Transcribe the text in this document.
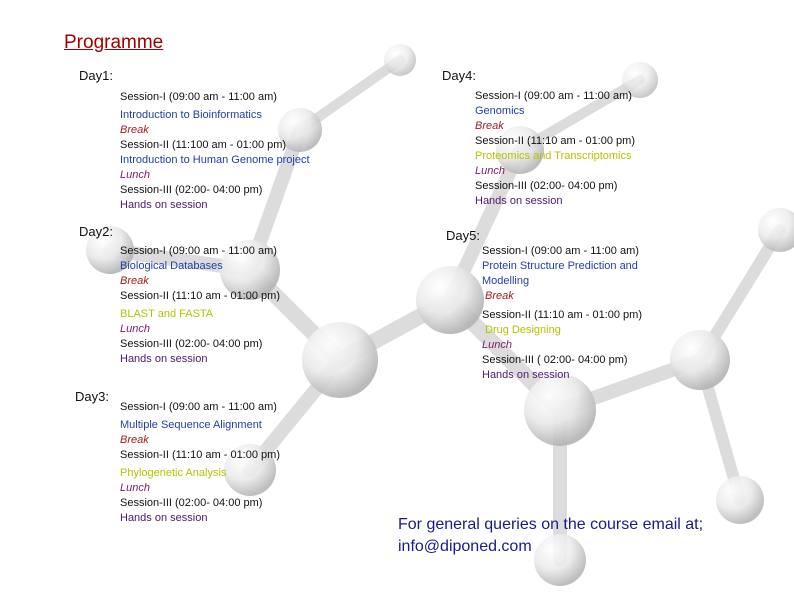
Programme
Day1:
Session-I (09:00 am - 11:00 am)
Introduction to Bioinformatics
Break
Session-II (11:100 am - 01:00 pm)
Introduction to Human Genome project
Lunch
Session-III (02:00- 04:00 pm)
Hands on session
Day2:
Session-I (09:00 am - 11:00 am)
Biological Databases
Break
Session-II (11:10 am - 01:00 pm)
BLAST and FASTA
Lunch
Session-III (02:00- 04:00 pm)
Hands on session
Day3:
Session-I (09:00 am - 11:00 am)
Multiple Sequence Alignment
Break
Session-II (11:10 am - 01:00 pm)
Phylogenetic Analysis
Lunch
Session-III (02:00- 04:00 pm)
Hands on session
Day4:
Session-I (09:00 am - 11:00 am)
Genomics
Break
Session-II (11:10 am - 01:00 pm)
Proteomics and Transcriptomics
Lunch
Session-III (02:00- 04:00 pm)
Hands on session
Day5:
Session-I (09:00 am - 11:00 am)
Protein Structure Prediction and
Modelling
Break
Session-II (11:10 am - 01:00 pm)
Drug Designing
Lunch
Session-III ( 02:00- 04:00 pm)
Hands on session
For general queries on the course email at;
info@diponed.com
